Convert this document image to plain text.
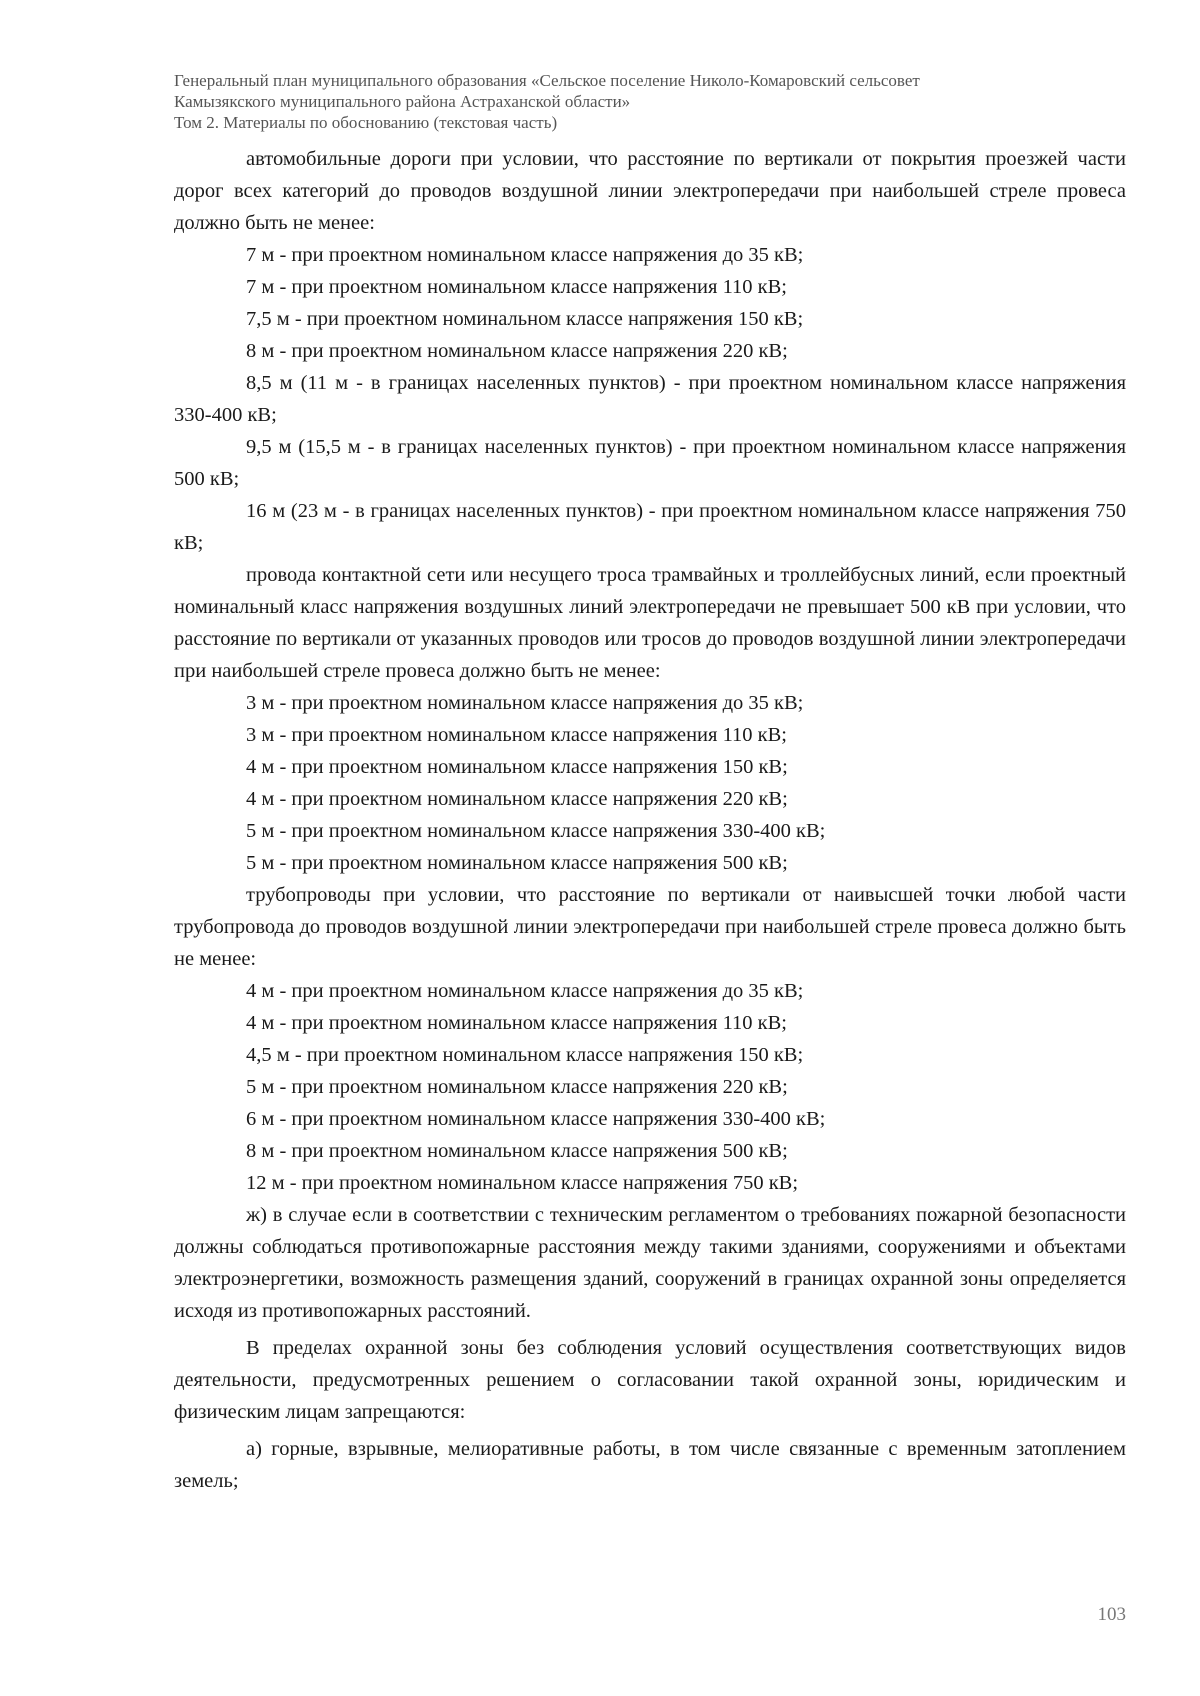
Генеральный план муниципального образования «Сельское поселение Николо-Комаровский сельсовет
Камызякского муниципального района Астраханской области»
Том 2. Материалы по обоснованию (текстовая часть)

автомобильные дороги при условии, что расстояние по вертикали от покрытия проезжей части дорог всех категорий до проводов воздушной линии электропередачи при наибольшей стреле провеса должно быть не менее:

7 м - при проектном номинальном классе напряжения до 35 кВ;

7 м - при проектном номинальном классе напряжения 110 кВ;

7,5 м - при проектном номинальном классе напряжения 150 кВ;

8 м - при проектном номинальном классе напряжения 220 кВ;

8,5 м (11 м - в границах населенных пунктов) - при проектном номинальном классе напряжения 330-400 кВ;

9,5 м (15,5 м - в границах населенных пунктов) - при проектном номинальном классе напряжения 500 кВ;

16 м (23 м - в границах населенных пунктов) - при проектном номинальном классе напряжения 750 кВ;

провода контактной сети или несущего троса трамвайных и троллейбусных линий, если проектный номинальный класс напряжения воздушных линий электропередачи не превышает 500 кВ при условии, что расстояние по вертикали от указанных проводов или тросов до проводов воздушной линии электропередачи при наибольшей стреле провеса должно быть не менее:

3 м - при проектном номинальном классе напряжения до 35 кВ;

3 м - при проектном номинальном классе напряжения 110 кВ;

4 м - при проектном номинальном классе напряжения 150 кВ;

4 м - при проектном номинальном классе напряжения 220 кВ;

5 м - при проектном номинальном классе напряжения 330-400 кВ;

5 м - при проектном номинальном классе напряжения 500 кВ;

трубопроводы при условии, что расстояние по вертикали от наивысшей точки любой части трубопровода до проводов воздушной линии электропередачи при наибольшей стреле провеса должно быть не менее:

4 м - при проектном номинальном классе напряжения до 35 кВ;

4 м - при проектном номинальном классе напряжения 110 кВ;

4,5 м - при проектном номинальном классе напряжения 150 кВ;

5 м - при проектном номинальном классе напряжения 220 кВ;

6 м - при проектном номинальном классе напряжения 330-400 кВ;

8 м - при проектном номинальном классе напряжения 500 кВ;

12 м - при проектном номинальном классе напряжения 750 кВ;

ж) в случае если в соответствии с техническим регламентом о требованиях пожарной безопасности должны соблюдаться противопожарные расстояния между такими зданиями, сооружениями и объектами электроэнергетики, возможность размещения зданий, сооружений в границах охранной зоны определяется исходя из противопожарных расстояний.

В пределах охранной зоны без соблюдения условий осуществления соответствующих видов деятельности, предусмотренных решением о согласовании такой охранной зоны, юридическим и физическим лицам запрещаются:

а) горные, взрывные, мелиоративные работы, в том числе связанные с временным затоплением земель;

103
